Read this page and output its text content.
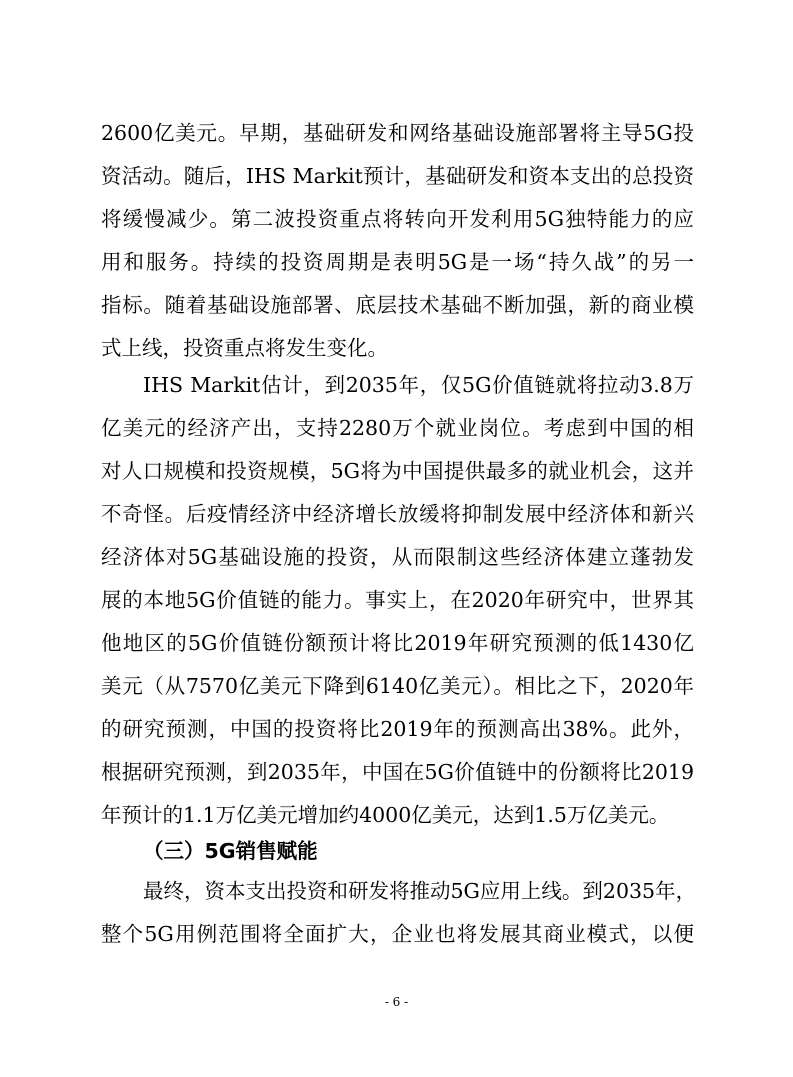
2600亿美元。早期，基础研发和网络基础设施部署将主导5G投
资活动。随后，IHS Markit预计，基础研发和资本支出的总投资
将缓慢减少。第二波投资重点将转向开发利用5G独特能力的应
用和服务。持续的投资周期是表明5G是一场“持久战”的另一
指标。随着基础设施部署、底层技术基础不断加强，新的商业模
式上线，投资重点将发生变化。
IHS Markit估计，到2035年，仅5G价值链就将拉动3.8万
亿美元的经济产出，支持2280万个就业岗位。考虑到中国的相
对人口规模和投资规模，5G将为中国提供最多的就业机会，这并
不奇怪。后疫情经济中经济增长放缓将抑制发展中经济体和新兴
经济体对5G基础设施的投资，从而限制这些经济体建立蓬勃发
展的本地5G价值链的能力。事实上，在2020年研究中，世界其
他地区的5G价值链份额预计将比2019年研究预测的低1430亿
美元（从7570亿美元下降到6140亿美元）。相比之下，2020年
的研究预测，中国的投资将比2019年的预测高出38%。此外，
根据研究预测，到2035年，中国在5G价值链中的份额将比2019
年预计的1.1万亿美元增加约4000亿美元，达到1.5万亿美元。
（三）5G销售赋能
最终，资本支出投资和研发将推动5G应用上线。到2035年，
整个5G用例范围将全面扩大，企业也将发展其商业模式，以便
- 6 -
